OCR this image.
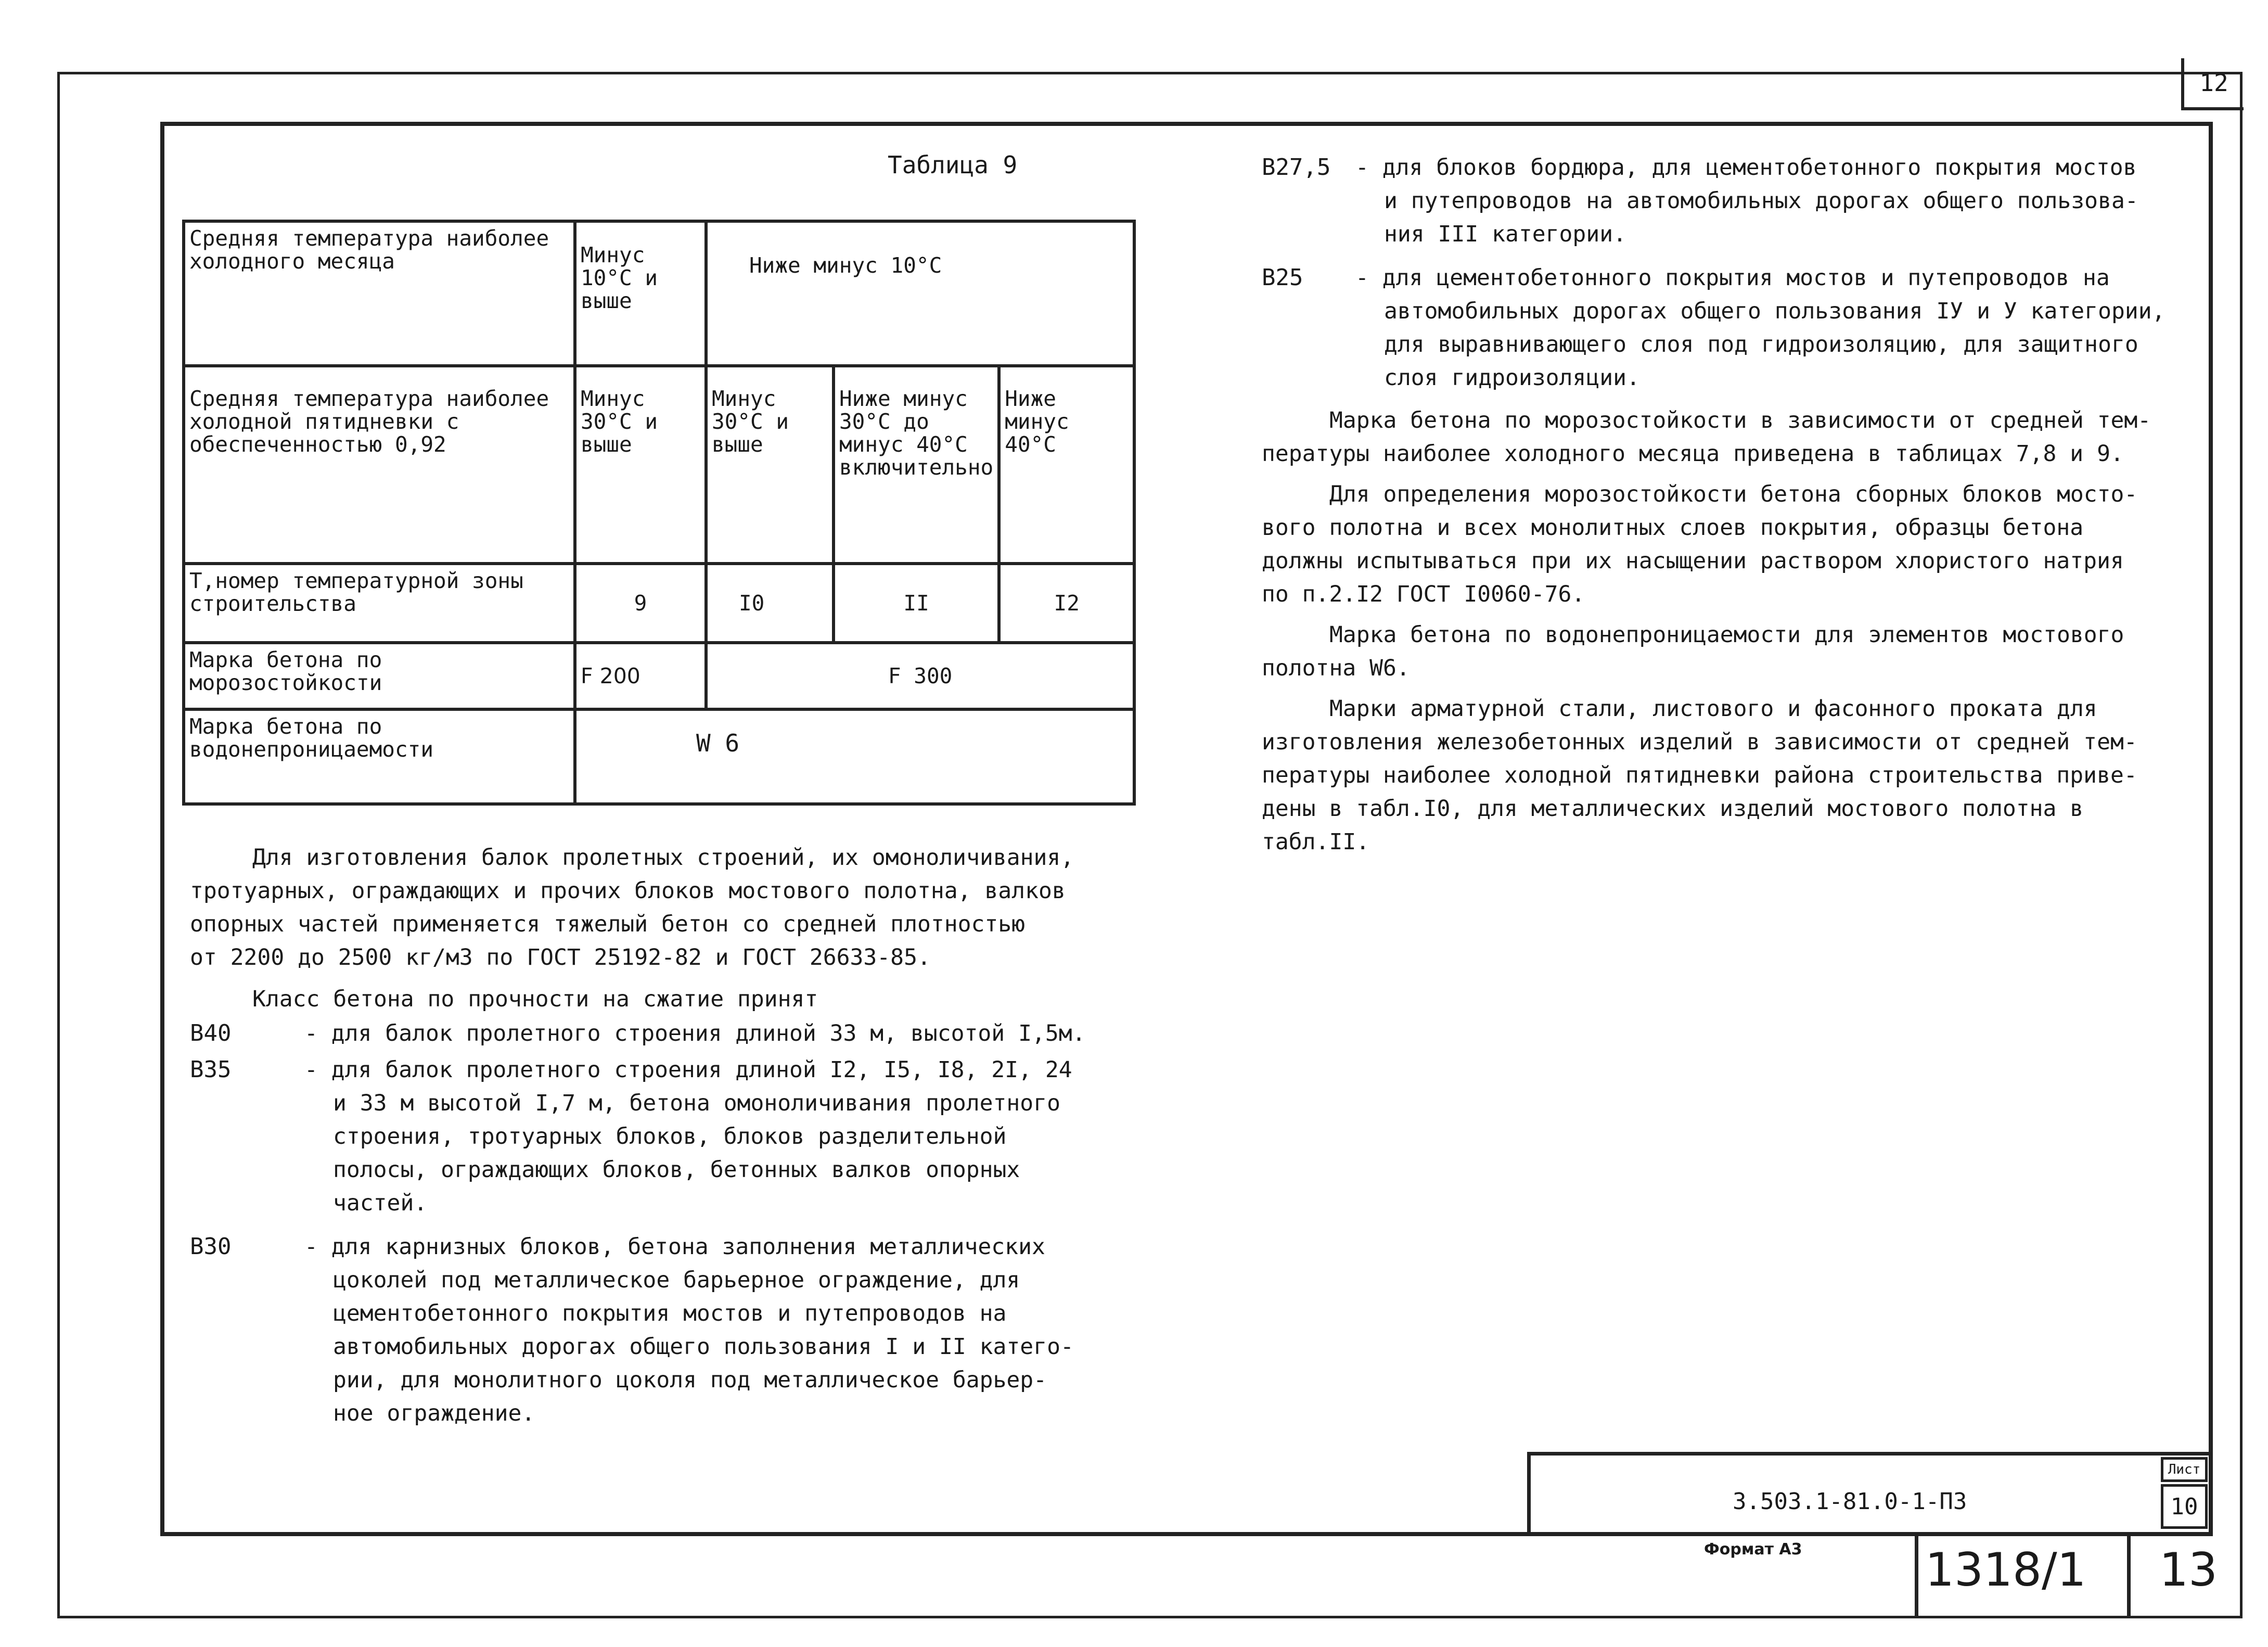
12
Таблица 9
Средняя температура наиболее холодного месяца	Минус 10°С и выше	Ниже минус 10°С		
Средняя температура наиболее холодной пятидневки с обеспеченностью 0,92	Минус 30°С и выше	Минус 30°С и выше	Ниже минус 30°С до минус 40°С включительно	Ниже минус 40°С
Т,номер температурной зоны строительства	9	I0	II	I2
Марка бетона по морозостойкости	F 200	F 300		
Марка бетона по водонепроницаемости	W 6			
Для изготовления балок пролетных строений, их омоноличивания,
тротуарных, ограждающих и прочих блоков мостового полотна, валков
опорных частей применяется тяжелый бетон со средней плотностью
от 2200 до 2500 кг/м3 по ГОСТ 25192-82 и ГОСТ 26633-85.
Класс бетона по прочности на сжатие принят
В40	- для балок пролетного строения длиной 33 м, высотой I,5м.
В35	- для балок пролетного строения длиной I2, I5, I8, 2I, 24
и 33 м высотой I,7 м, бетона омоноличивания пролетного
строения, тротуарных блоков, блоков разделительной
полосы, ограждающих блоков, бетонных валков опорных
частей.
В30	- для карнизных блоков, бетона заполнения металлических
цоколей под металлическое барьерное ограждение, для
цементобетонного покрытия мостов и путепроводов на
автомобильных дорогах общего пользования I и II катего-
рии, для монолитного цоколя под металлическое барьер-
ное ограждение.
В27,5 - для блоков бордюра, для цементобетонного покрытия мостов
и путепроводов на автомобильных дорогах общего пользова-
ния III категории.
В25 - для цементобетонного покрытия мостов и путепроводов на
автомобильных дорогах общего пользования IУ и У категории,
для выравнивающего слоя под гидроизоляцию, для защитного
слоя гидроизоляции.
Марка бетона по морозостойкости в зависимости от средней тем-
пературы наиболее холодного месяца приведена в таблицах 7,8 и 9.
Для определения морозостойкости бетона сборных блоков мосто-
вого полотна и всех монолитных слоев покрытия, образцы бетона
должны испытываться при их насыщении раствором хлористого натрия
по п.2.I2 ГОСТ I0060-76.
Марка бетона по водонепроницаемости для элементов мостового
полотна W6.
Марки арматурной стали, листового и фасонного проката для
изготовления железобетонных изделий в зависимости от средней тем-
пературы наиболее холодной пятидневки района строительства приве-
дены в табл.I0, для металлических изделий мостового полотна в
табл.II.
3.503.1-81.0-1-ПЗ
Лист
10
Формат А3	1318/1 13
